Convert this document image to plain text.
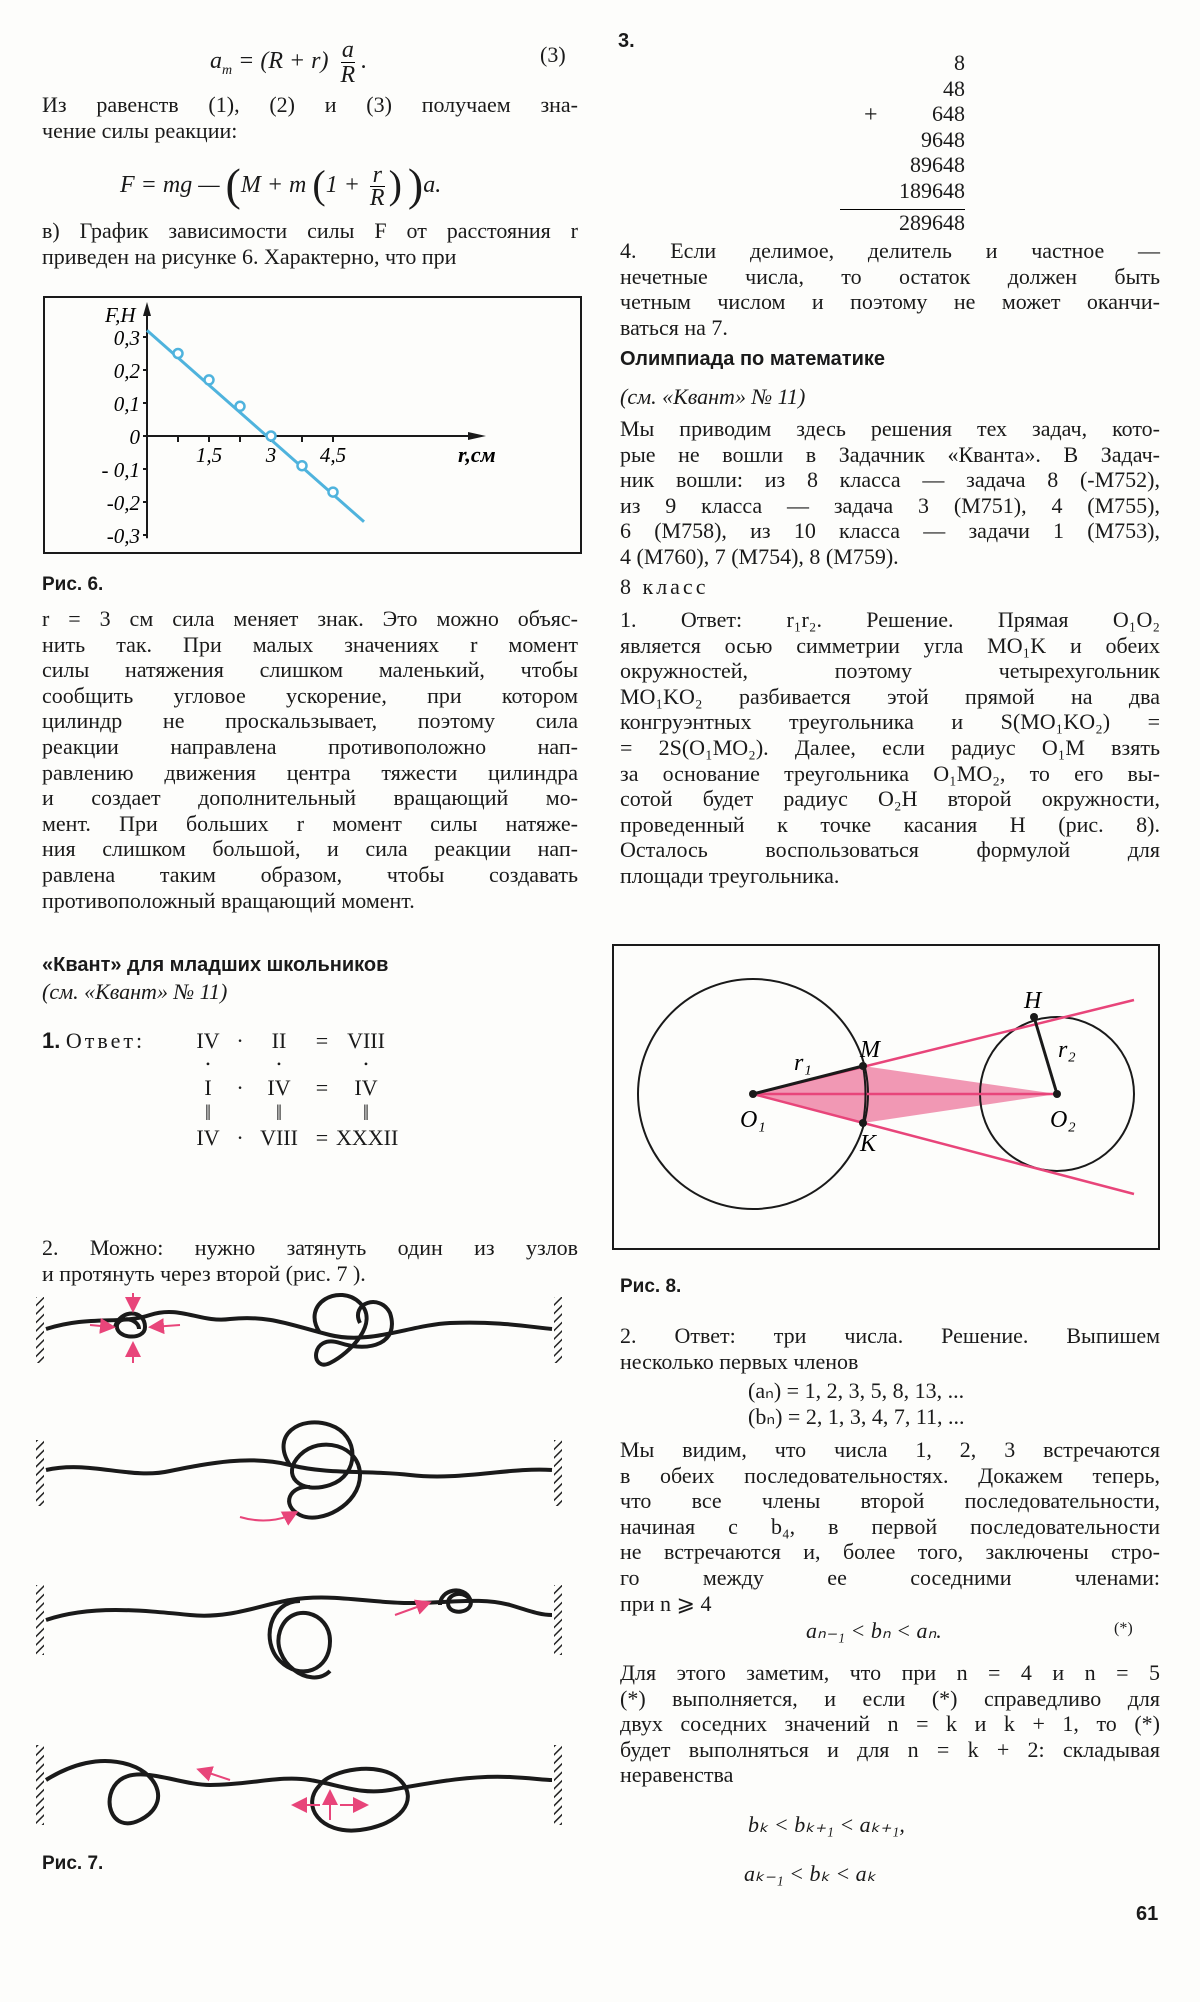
$a_m = (R + r) \frac{a}{R}$ .	(3)
Из равенств (1), (2) и (3) получаем зна-
чение силы реакции:
F = mg — (M + m ($1 + \frac{r}{R}$ ) )a.
в) График зависимости силы F от расстояния r
приведен на рисунке 6. Характерно, что при
0,3
0,2
0,1
0
- 0,1
-0,2
-0,3
1,5 3 4,5
F,H
r,см
Рис. 6.
r = 3 см сила меняет знак. Это можно объяс-
нить так. При малых значениях r момент
силы натяжения слишком маленький, чтобы
сообщить угловое ускорение, при котором
цилиндр не проскальзывает, поэтому сила
реакции направлена противоположно нап-
равлению движения центра тяжести цилиндра
и создает дополнительный вращающий мо-
мент. При больших r момент силы натяже-
ния слишком большой, и сила реакции нап-
равлена таким образом, чтобы создавать
противоположный вращающий момент.
«Квант» для младших школьников
(см. «Квант» № 11)
1. Ответ:	IV ·	II	= VIII
•	•	•
I	·	IV	=	IV
‖	‖	‖
IV · VIII = XXXII
2. Можно: нужно затянуть один из узлов
и протянуть через второй (рис. 7 ).
Рис. 7.
3.
8
48
648
9648
89648
189648
289648
+
4. Если делимое, делитель и частное —
нечетные числа, то остаток должен быть
четным числом и поэтому не может оканчи-
ваться на 7.
Олимпиада по математике
(см. «Квант» № 11)
Мы приводим здесь решения тех задач, кото-
рые не вошли в Задачник «Кванта». В Задач-
ник вошли: из 8 класса — задача 8 (-М752),
из 9 класса — задача 3 (М751), 4 (М755),
6 (М758), из 10 класса — задачи 1 (М753),
4 (М760), 7 (М754), 8 (М759).
8 класс
1. Ответ: r₁r₂. Решение. Прямая O₁O₂
является осью симметрии угла MO₁K и обеих
окружностей, поэтому четырехугольник
MO₁KO₂ разбивается этой прямой на два
конгруэнтных треугольника и S(MO₁KO₂) =
= 2S(O₁MO₂). Далее, если радиус O₁M взять
за основание треугольника O₁MO₂, то его вы-
сотой будет радиус O₂H второй окружности,
проведенный к точке касания H (рис. 8).
Осталось воспользоваться формулой для
площади треугольника.
M
K
H
O₁	O₂
r₁	r₂
Рис. 8.
2. Ответ: три числа. Решение. Выпишем
несколько первых членов
(aₙ) = 1, 2, 3, 5, 8, 13, ...
(bₙ) = 2, 1, 3, 4, 7, 11, ...
Мы видим, что числа 1, 2, 3 встречаются
в обеих последовательностях. Докажем теперь,
что все члены второй последовательности,
начиная с b₄, в первой последовательности
не встречаются и, более того, заключены стро-
го между ее соседними членами:
при n ⩾ 4
aₙ₋₁ < bₙ < aₙ.	(*)
Для этого заметим, что при n = 4 и n = 5
(*) выполняется, и если (*) справедливо для
двух соседних значений n = k и k + 1, то (*)
будет выполняться и для n = k + 2: складывая
неравенства
bₖ < bₖ₊₁ < aₖ₊₁,
aₖ₋₁ < bₖ < aₖ
61
